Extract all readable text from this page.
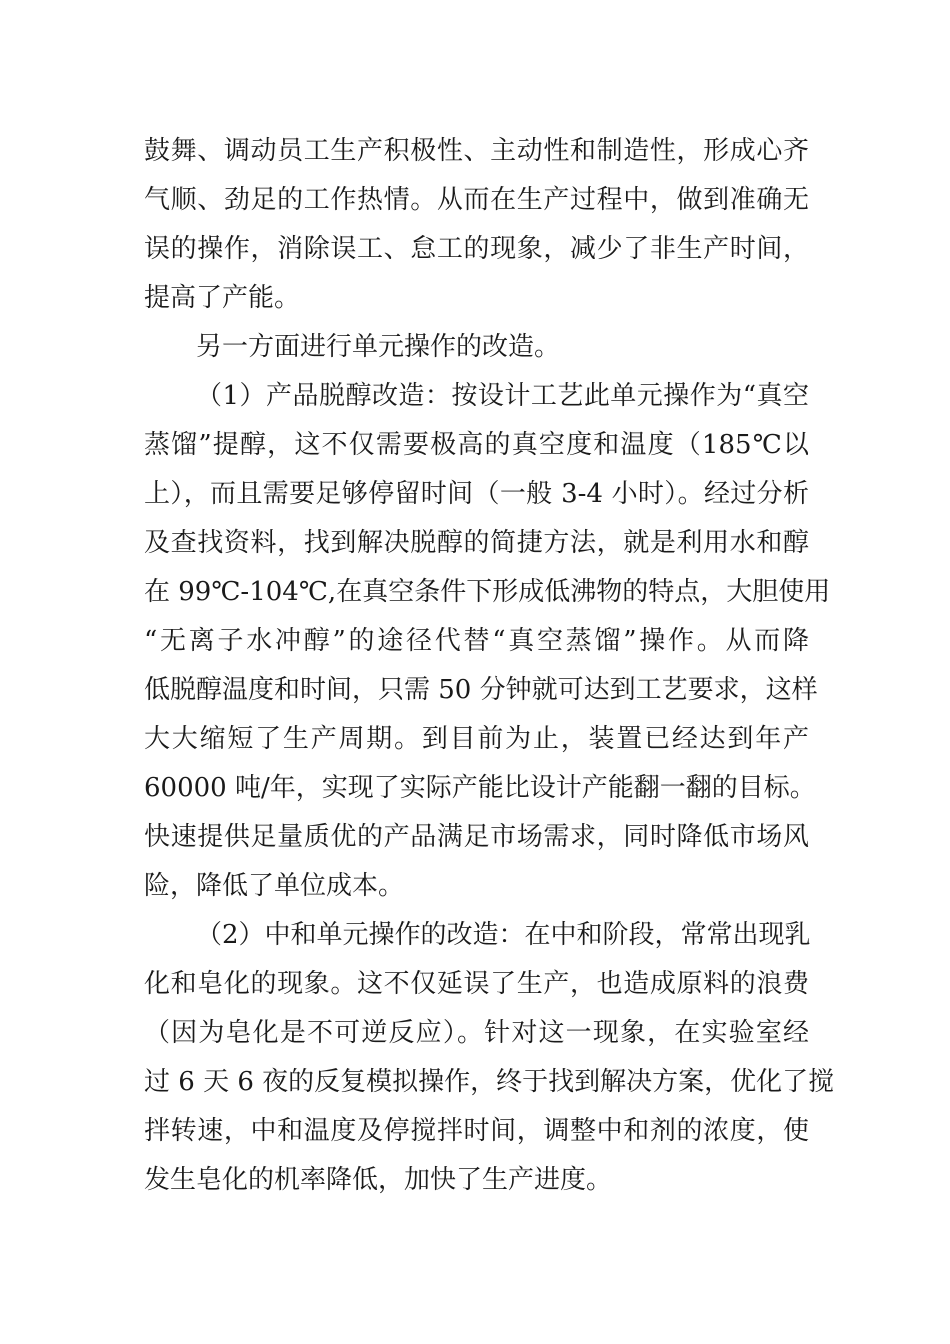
鼓舞、调动员工生产积极性、主动性和制造性，形成心齐
气顺、劲足的工作热情。从而在生产过程中，做到准确无
误的操作，消除误工、怠工的现象，减少了非生产时间，
提高了产能。
另一方面进行单元操作的改造。
（1）产品脱醇改造：按设计工艺此单元操作为“真空
蒸馏”提醇，这不仅需要极高的真空度和温度（185℃以
上），而且需要足够停留时间（一般 3-4 小时）。经过分析
及查找资料，找到解决脱醇的简捷方法，就是利用水和醇
在 99℃-104℃,在真空条件下形成低沸物的特点，大胆使用
“无离子水冲醇”的途径代替“真空蒸馏”操作。从而降
低脱醇温度和时间，只需 50 分钟就可达到工艺要求，这样
大大缩短了生产周期。到目前为止，装置已经达到年产
60000 吨/年，实现了实际产能比设计产能翻一翻的目标。
快速提供足量质优的产品满足市场需求，同时降低市场风
险，降低了单位成本。
（2）中和单元操作的改造：在中和阶段，常常出现乳
化和皂化的现象。这不仅延误了生产，也造成原料的浪费
（因为皂化是不可逆反应）。针对这一现象，在实验室经
过 6 天 6 夜的反复模拟操作，终于找到解决方案，优化了搅
拌转速，中和温度及停搅拌时间，调整中和剂的浓度，使
发生皂化的机率降低，加快了生产进度。
